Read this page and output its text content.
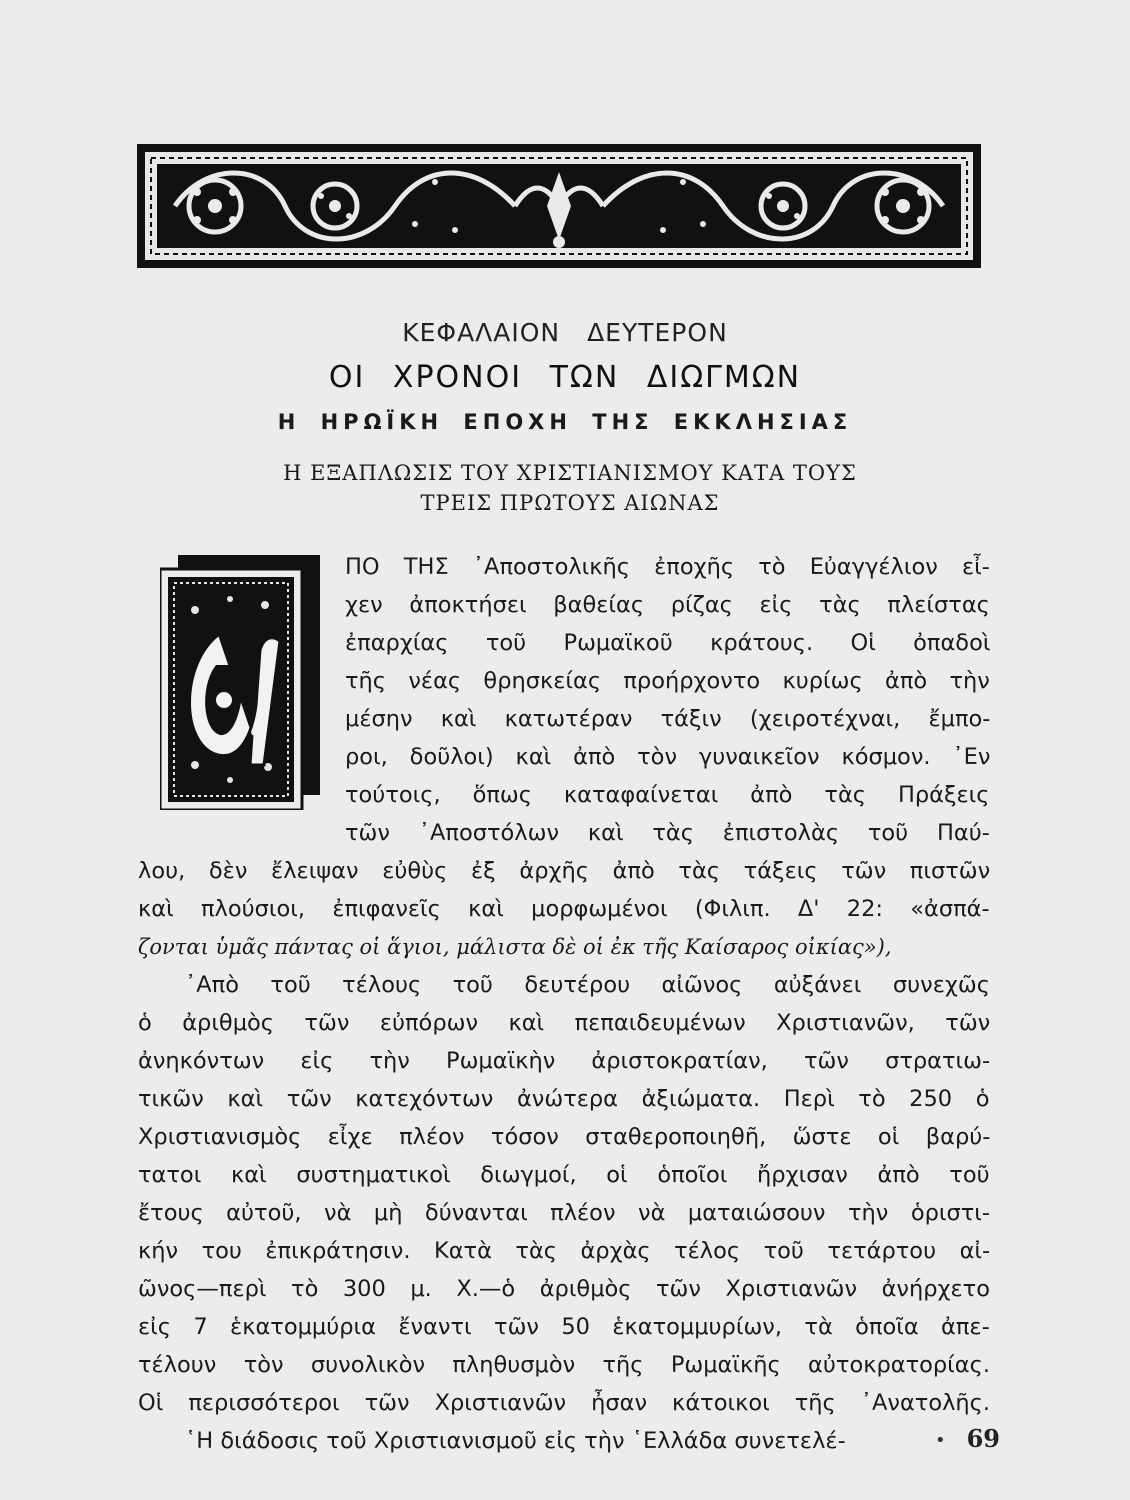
ΚΕΦΑΛΑΙΟΝ ΔΕΥΤΕΡΟΝ
ΟΙ ΧΡΟΝΟΙ ΤΩΝ ΔΙΩΓΜΩΝ
Η ΗΡΩΪΚΗ ΕΠΟΧΗ ΤΗΣ ΕΚΚΛΗΣΙΑΣ
Η ΕΞΑΠΛΩΣΙΣ ΤΟΥ ΧΡΙΣΤΙΑΝΙΣΜΟΥ ΚΑΤΑ ΤΟΥΣ
ΤΡΕΙΣ ΠΡΩΤΟΥΣ ΑΙΩΝΑΣ
ΠΟ ΤΗΣ ᾿Αποστολικῆς ἐποχῆς τὸ Εὐαγγέλιον εἶ-
χεν ἀποκτήσει βαθείας ρίζας εἰς τὰς πλείστας
ἐπαρχίας τοῦ Ρωμαϊκοῦ κράτους. Οἱ ὀπαδοὶ
τῆς νέας θρησκείας προήρχοντο κυρίως ἀπὸ τὴν
μέσην καὶ κατωτέραν τάξιν (χειροτέχναι, ἔμπο-
ροι, δοῦλοι) καὶ ἀπὸ τὸν γυναικεῖον κόσμον. ᾿Εν
τούτοις, ὅπως καταφαίνεται ἀπὸ τὰς Πράξεις
τῶν ᾿Αποστόλων καὶ τὰς ἐπιστολὰς τοῦ Παύ-
λου, δὲν ἔλειψαν εὐθὺς ἐξ ἀρχῆς ἀπὸ τὰς τάξεις τῶν πιστῶν
καὶ πλούσιοι, ἐπιφανεῖς καὶ μορφωμένοι (Φιλιπ. Δ' 22: «ἀσπά-
ζονται ὑμᾶς πάντας οἱ ἅγιοι, μάλιστα δὲ οἱ ἐκ τῆς Καίσαρος οἰκίας»),
᾿Απὸ τοῦ τέλους τοῦ δευτέρου αἰῶνος αὐξάνει συνεχῶς
ὁ ἀριθμὸς τῶν εὐπόρων καὶ πεπαιδευμένων Χριστιανῶν, τῶν
ἀνηκόντων εἰς τὴν Ρωμαϊκὴν ἀριστοκρατίαν, τῶν στρατιω-
τικῶν καὶ τῶν κατεχόντων ἀνώτερα ἀξιώματα. Περὶ τὸ 250 ὁ
Χριστιανισμὸς εἶχε πλέον τόσον σταθεροποιηθῆ, ὥστε οἱ βαρύ-
τατοι καὶ συστηματικοὶ διωγμοί, οἱ ὁποῖοι ἤρχισαν ἀπὸ τοῦ
ἔτους αὐτοῦ, νὰ μὴ δύνανται πλέον νὰ ματαιώσουν τὴν ὁριστι-
κήν του ἐπικράτησιν. Κατὰ τὰς ἀρχὰς τέλος τοῦ τετάρτου αἰ-
ῶνος—περὶ τὸ 300 μ. Χ.—ὁ ἀριθμὸς τῶν Χριστιανῶν ἀνήρχετο
εἰς 7 ἑκατομμύρια ἔναντι τῶν 50 ἑκατομμυρίων, τὰ ὁποῖα ἀπε-
τέλουν τὸν συνολικὸν πληθυσμὸν τῆς Ρωμαϊκῆς αὐτοκρατορίας.
Οἱ περισσότεροι τῶν Χριστιανῶν ἦσαν κάτοικοι τῆς ᾿Ανατολῆς.
῾Η διάδοσις τοῦ Χριστιανισμοῦ εἰς τὴν ῾Ελλάδα συνετελέ-	• 69
